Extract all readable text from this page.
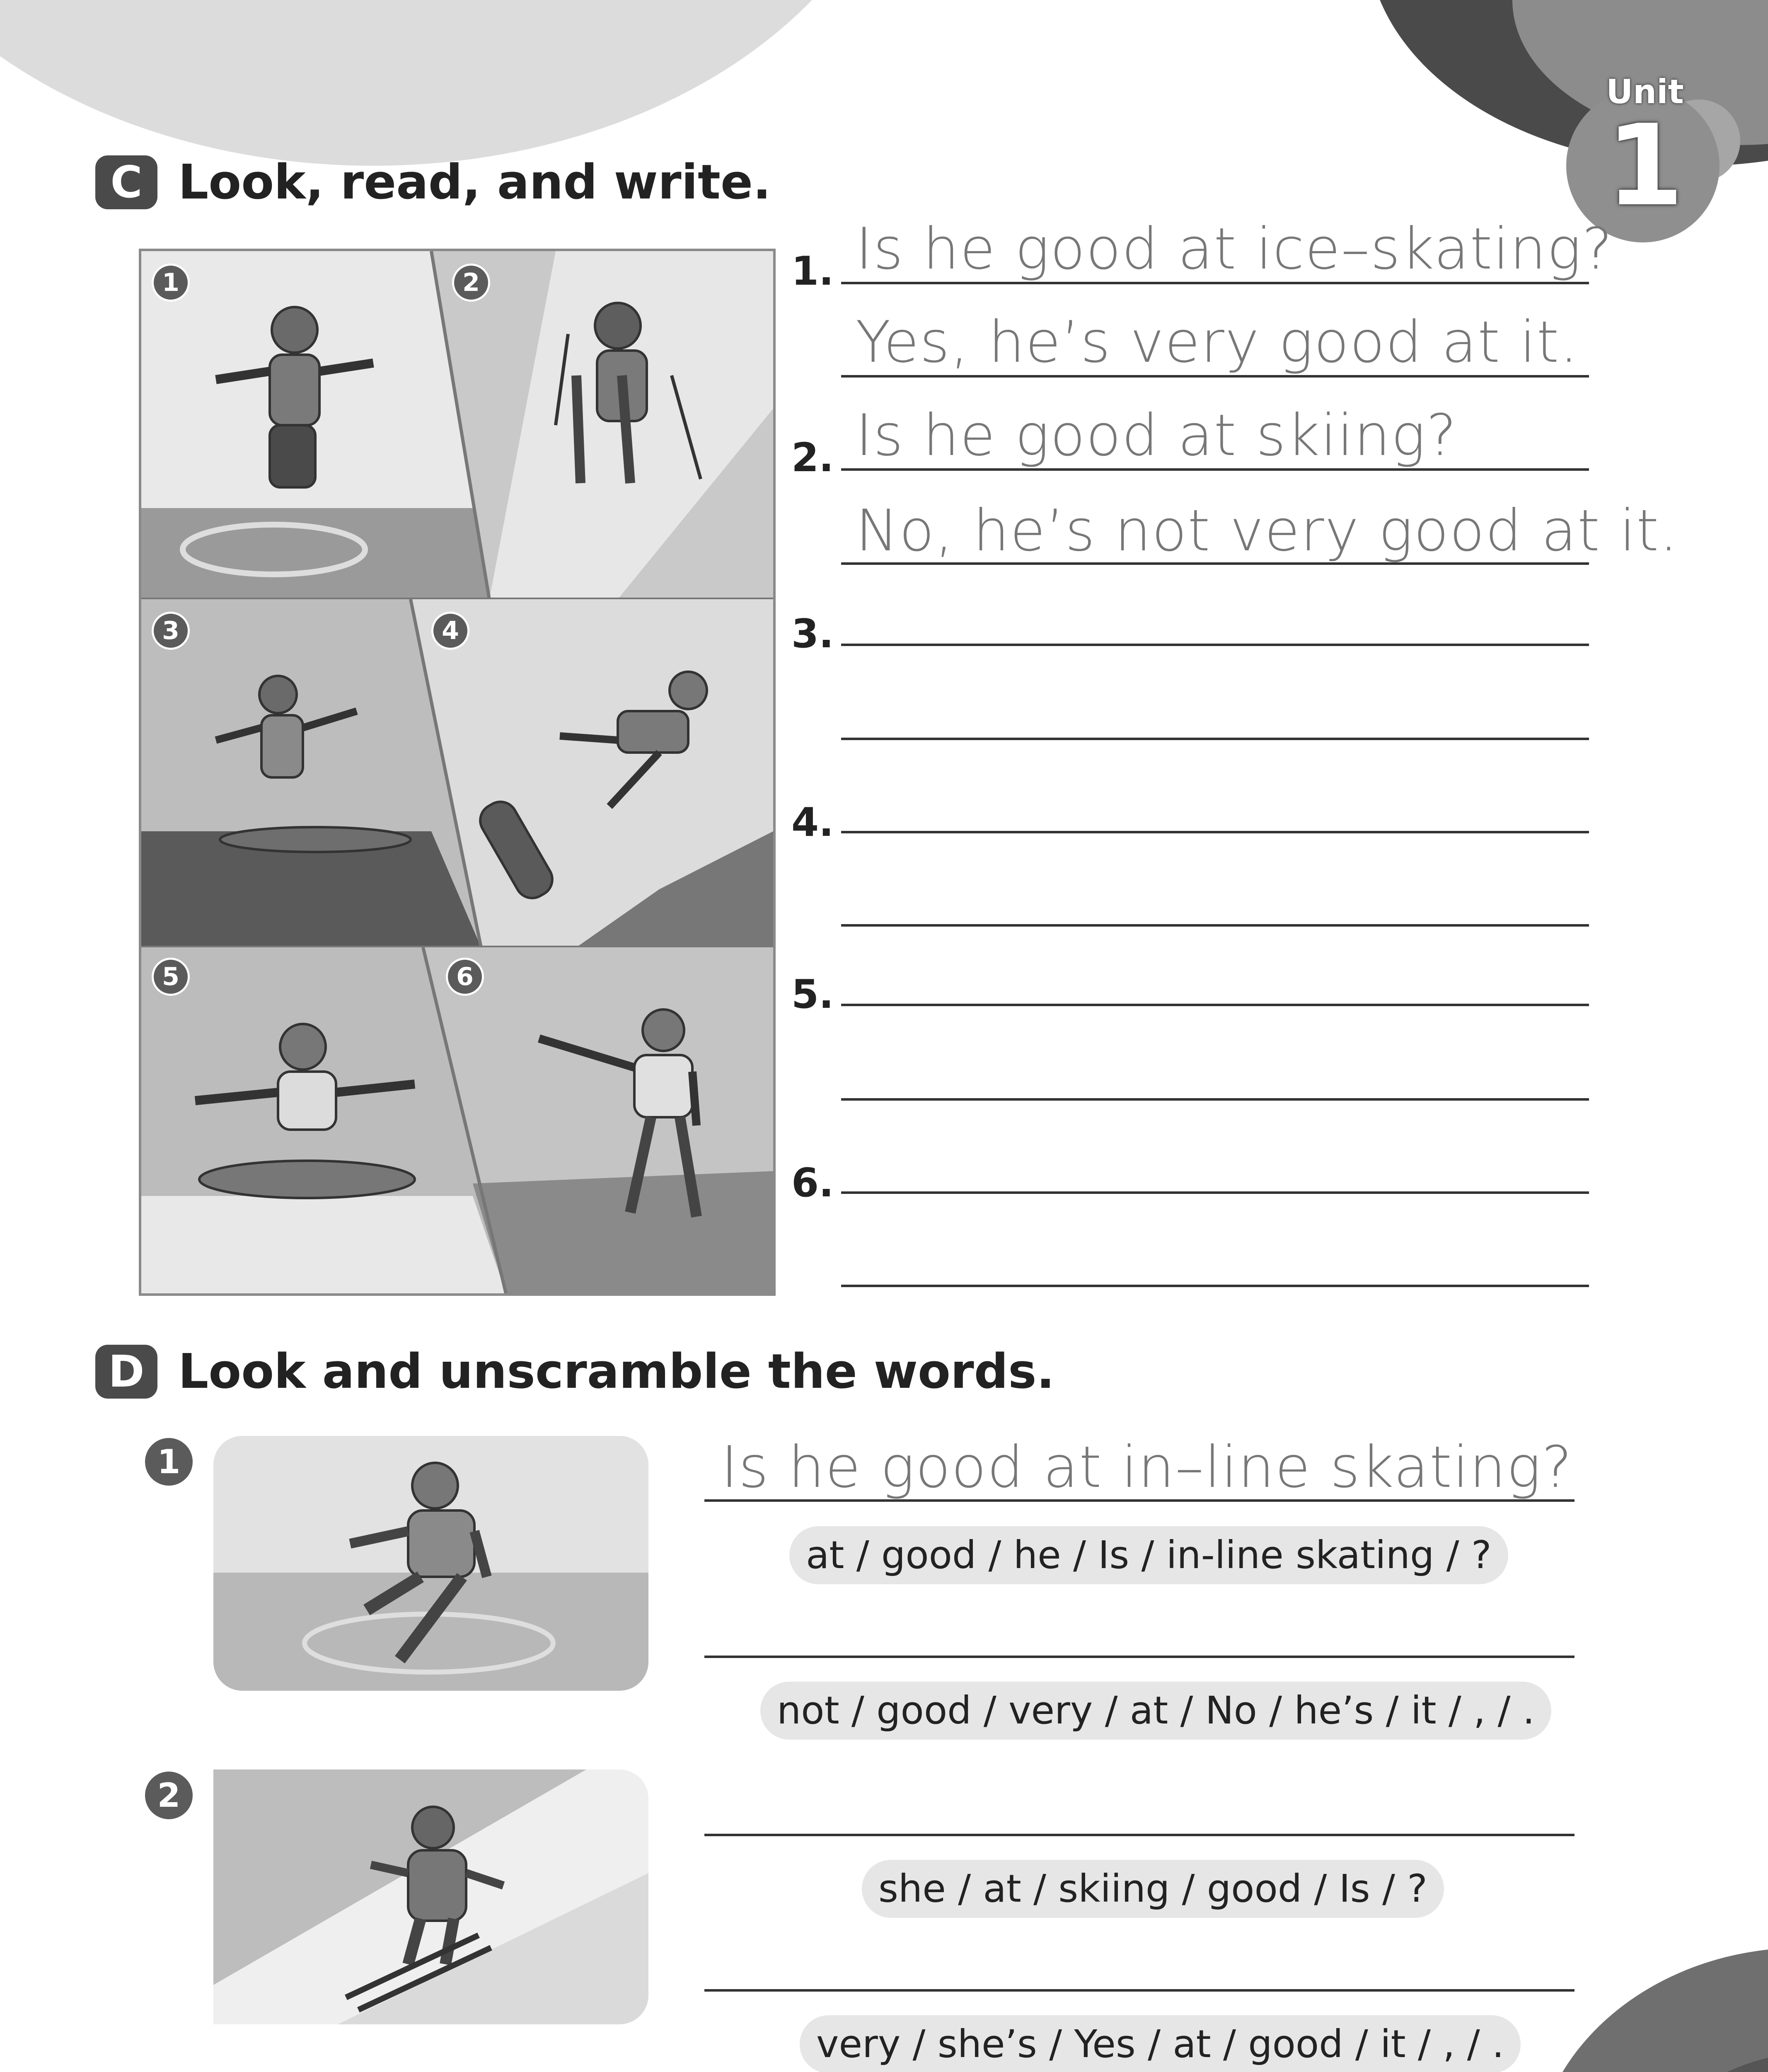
Unit
1
C Look, read, and write.
1	2
3	4
5	6
1. Is he good at ice–skating?
Yes, he’s very good at it.
2. Is he good at skiing?
No, he’s not very good at it.
3.
4.
5.
6.
D Look and unscramble the words.
1	Is he good at in–line skating?
at / good / he / Is / in-line skating / ?
not / good / very / at / No / he’s / it / , / .
2
she / at / skiing / good / Is / ?
very / she’s / Yes / at / good / it / , / .
